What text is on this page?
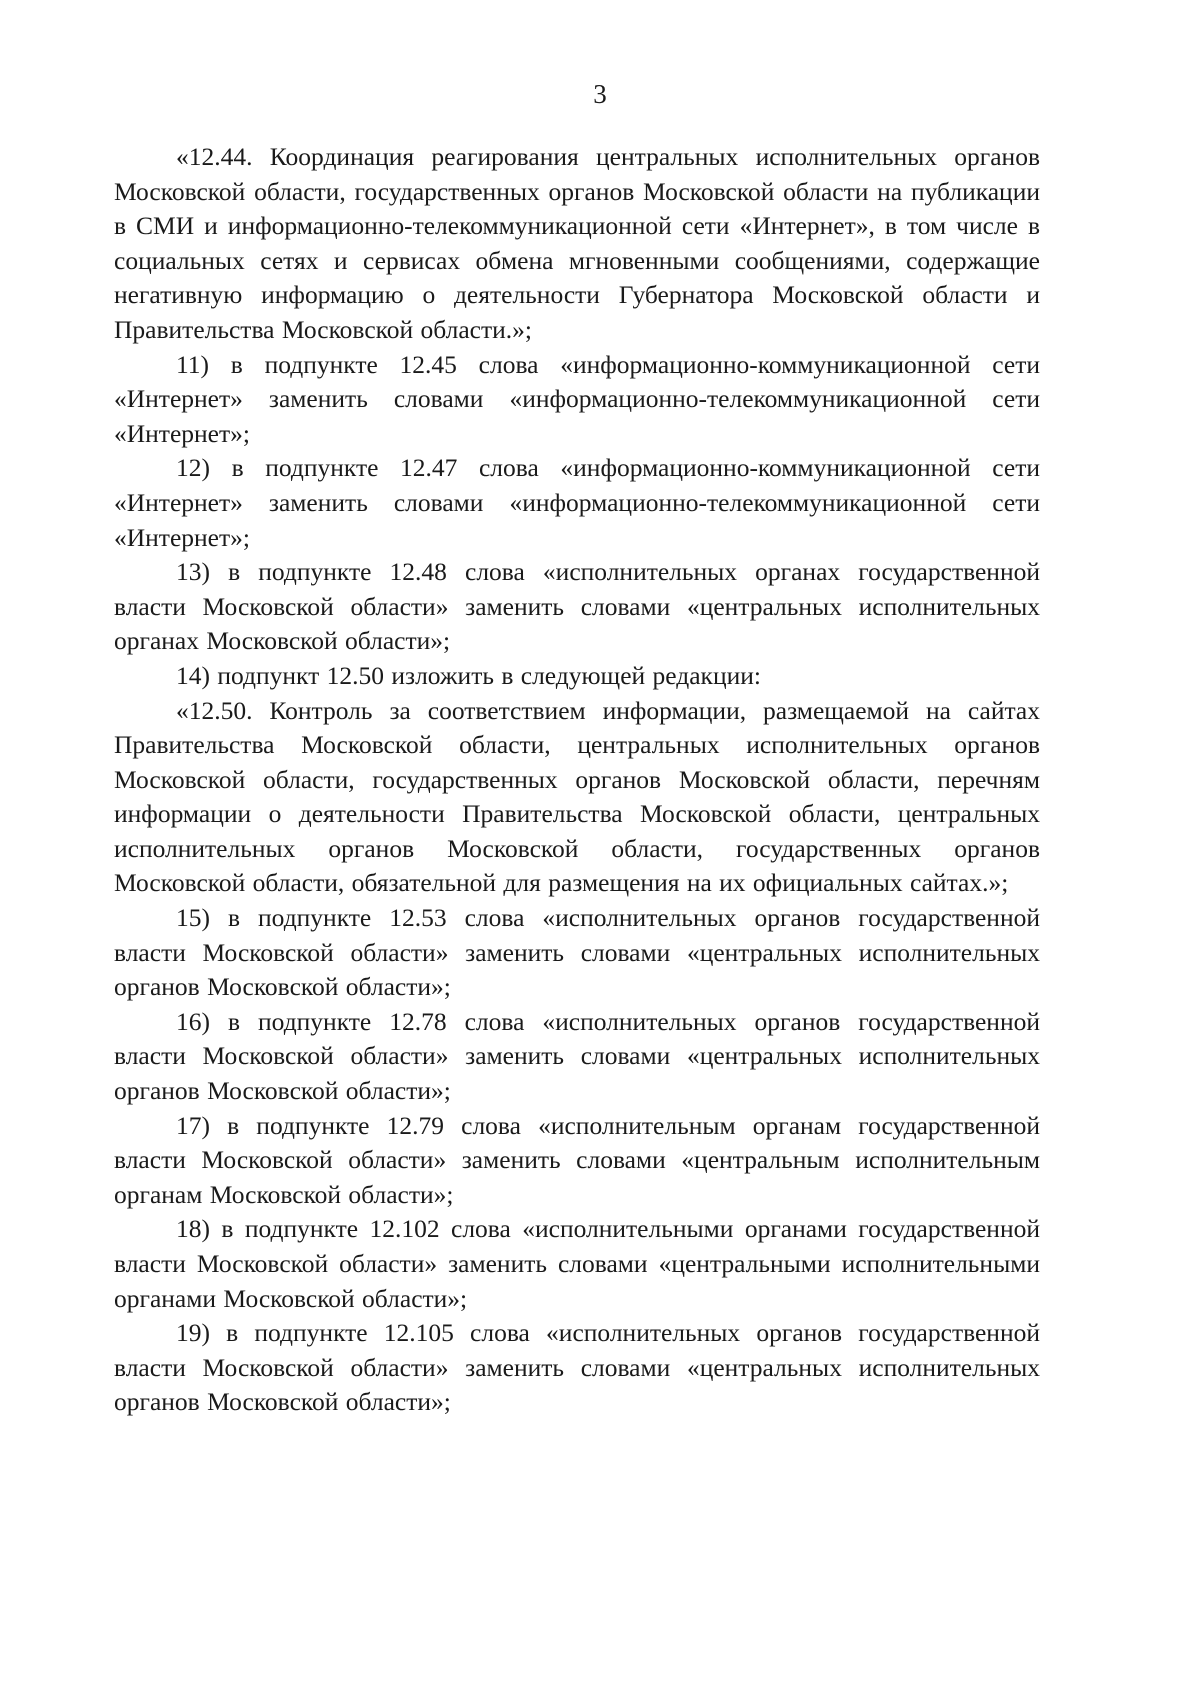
3

«12.44. Координация реагирования центральных исполнительных органов Московской области, государственных органов Московской области на публикации в СМИ и информационно-телекоммуникационной сети «Интернет», в том числе в социальных сетях и сервисах обмена мгновенными сообщениями, содержащие негативную информацию о деятельности Губернатора Московской области и Правительства Московской области.»;

11) в подпункте 12.45 слова «информационно-коммуникационной сети «Интернет» заменить словами «информационно-телекоммуникационной сети «Интернет»;

12) в подпункте 12.47 слова «информационно-коммуникационной сети «Интернет» заменить словами «информационно-телекоммуникационной сети «Интернет»;

13) в подпункте 12.48 слова «исполнительных органах государственной власти Московской области» заменить словами «центральных исполнительных органах Московской области»;

14) подпункт 12.50 изложить в следующей редакции:

«12.50. Контроль за соответствием информации, размещаемой на сайтах Правительства Московской области, центральных исполнительных органов Московской области, государственных органов Московской области, перечням информации о деятельности Правительства Московской области, центральных исполнительных органов Московской области, государственных органов Московской области, обязательной для размещения на их официальных сайтах.»;

15) в подпункте 12.53 слова «исполнительных органов государственной власти Московской области» заменить словами «центральных исполнительных органов Московской области»;

16) в подпункте 12.78 слова «исполнительных органов государственной власти Московской области» заменить словами «центральных исполнительных органов Московской области»;

17) в подпункте 12.79 слова «исполнительным органам государственной власти Московской области» заменить словами «центральным исполнительным органам Московской области»;

18) в подпункте 12.102 слова «исполнительными органами государственной власти Московской области» заменить словами «центральными исполнительными органами Московской области»;

19) в подпункте 12.105 слова «исполнительных органов государственной власти Московской области» заменить словами «центральных исполнительных органов Московской области»;
